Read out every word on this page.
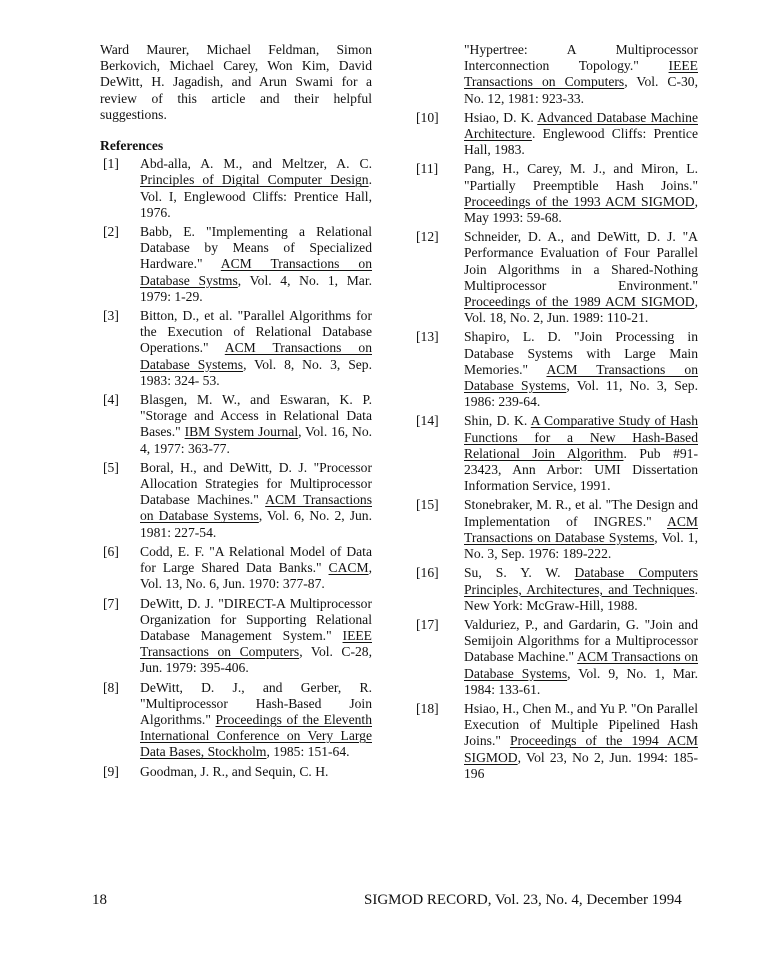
Ward Maurer, Michael Feldman, Simon Berkovich, Michael Carey, Won Kim, David DeWitt, H. Jagadish, and Arun Swami for a review of this article and their helpful suggestions.

References
[1] Abd-alla, A. M., and Meltzer, A. C. Principles of Digital Computer Design. Vol. I, Englewood Cliffs: Prentice Hall, 1976.
[2] Babb, E. "Implementing a Relational Database by Means of Specialized Hardware." ACM Transactions on Database Systms, Vol. 4, No. 1, Mar. 1979: 1-29.
[3] Bitton, D., et al. "Parallel Algorithms for the Execution of Relational Database Operations." ACM Transactions on Database Systems, Vol. 8, No. 3, Sep. 1983: 324- 53.
[4] Blasgen, M. W., and Eswaran, K. P. "Storage and Access in Relational Data Bases." IBM System Journal, Vol. 16, No. 4, 1977: 363-77.
[5] Boral, H., and DeWitt, D. J. "Processor Allocation Strategies for Multiprocessor Database Machines." ACM Transactions on Database Systems, Vol. 6, No. 2, Jun. 1981: 227-54.
[6] Codd, E. F. "A Relational Model of Data for Large Shared Data Banks." CACM, Vol. 13, No. 6, Jun. 1970: 377-87.
[7] DeWitt, D. J. "DIRECT-A Multiprocessor Organization for Supporting Relational Database Management System." IEEE Transactions on Computers, Vol. C-28, Jun. 1979: 395-406.
[8] DeWitt, D. J., and Gerber, R. "Multiprocessor Hash-Based Join Algorithms." Proceedings of the Eleventh International Conference on Very Large Data Bases, Stockholm, 1985: 151-64.
[9] Goodman, J. R., and Sequin, C. H.
"Hypertree: A Multiprocessor Interconnection Topology." IEEE Transactions on Computers, Vol. C-30, No. 12, 1981: 923-33.
[10] Hsiao, D. K. Advanced Database Machine Architecture. Englewood Cliffs: Prentice Hall, 1983.
[11] Pang, H., Carey, M. J., and Miron, L. "Partially Preemptible Hash Joins." Proceedings of the 1993 ACM SIGMOD, May 1993: 59-68.
[12] Schneider, D. A., and DeWitt, D. J. "A Performance Evaluation of Four Parallel Join Algorithms in a Shared-Nothing Multiprocessor Environment." Proceedings of the 1989 ACM SIGMOD, Vol. 18, No. 2, Jun. 1989: 110-21.
[13] Shapiro, L. D. "Join Processing in Database Systems with Large Main Memories." ACM Transactions on Database Systems, Vol. 11, No. 3, Sep. 1986: 239-64.
[14] Shin, D. K. A Comparative Study of Hash Functions for a New Hash-Based Relational Join Algorithm. Pub #91-23423, Ann Arbor: UMI Dissertation Information Service, 1991.
[15] Stonebraker, M. R., et al. "The Design and Implementation of INGRES." ACM Transactions on Database Systems, Vol. 1, No. 3, Sep. 1976: 189-222.
[16] Su, S. Y. W. Database Computers Principles, Architectures, and Techniques. New York: McGraw-Hill, 1988.
[17] Valduriez, P., and Gardarin, G. "Join and Semijoin Algorithms for a Multiprocessor Database Machine." ACM Transactions on Database Systems, Vol. 9, No. 1, Mar. 1984: 133-61.
[18] Hsiao, H., Chen M., and Yu P. "On Parallel Execution of Multiple Pipelined Hash Joins." Proceedings of the 1994 ACM SIGMOD, Vol 23, No 2, Jun. 1994: 185-196
18	SIGMOD RECORD, Vol. 23, No. 4, December 1994
